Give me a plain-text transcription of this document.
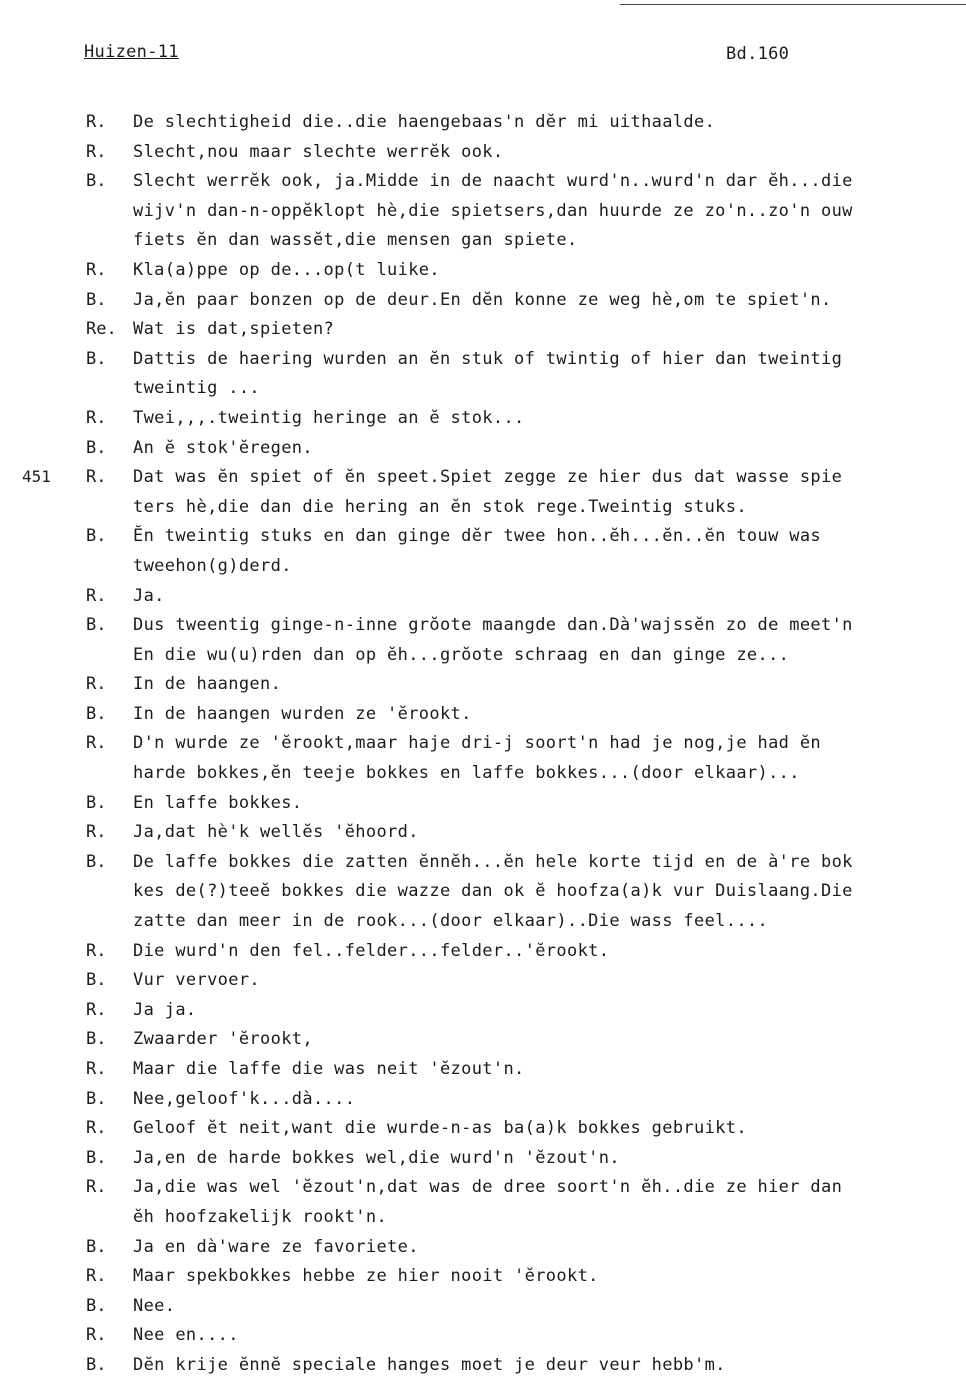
Huizen-11	Bd.160
451
R. De slechtigheid die..die haengebaas'n dĕr mi uithaalde.
R. Slecht,nou maar slechte werrĕk ook.
B. Slecht werrĕk ook, ja.Midde in de naacht wurd'n..wurd'n dar ĕh...die
wijv'n dan-n-oppĕklopt hè,die spietsers,dan huurde ze zo'n..zo'n ouw
fiets ĕn dan wassĕt,die mensen gan spiete.
R. Kla(a)ppe op de...op(t luike.
B. Ja,ĕn paar bonzen op de deur.En dĕn konne ze weg hè,om te spiet'n.
Re. Wat is dat,spieten?
B. Dattis de haering wurden an ĕn stuk of twintig of hier dan tweintig
tweintig ...
R. Twei,,,.tweintig heringe an ĕ stok...
B. An ĕ stok'ĕregen.
R. Dat was ĕn spiet of ĕn speet.Spiet zegge ze hier dus dat wasse spie
ters hè,die dan die hering an ĕn stok rege.Tweintig stuks.
B. Ĕn tweintig stuks en dan ginge dĕr twee hon..ĕh...ĕn..ĕn touw was
tweehon(g)derd.
R. Ja.
B. Dus tweentig ginge-n-inne grŏote maangde dan.Dà'wajssĕn zo de meet'n
En die wu(u)rden dan op ĕh...grŏote schraag en dan ginge ze...
R. In de haangen.
B. In de haangen wurden ze 'ĕrookt.
R. D'n wurde ze 'ĕrookt,maar haje dri-j soort'n had je nog,je had ĕn
harde bokkes,ĕn teeje bokkes en laffe bokkes...(door elkaar)...
B. En laffe bokkes.
R. Ja,dat hè'k wellĕs 'ĕhoord.
B. De laffe bokkes die zatten ĕnnĕh...ĕn hele korte tijd en de à're bok
kes de(?)teeĕ bokkes die wazze dan ok ĕ hoofza(a)k vur Duislaang.Die
zatte dan meer in de rook...(door elkaar)..Die wass feel....
R. Die wurd'n den fel..felder...felder..'ĕrookt.
B. Vur vervoer.
R. Ja ja.
B. Zwaarder 'ĕrookt,
R. Maar die laffe die was neit 'ĕzout'n.
B. Nee,geloof'k...dà....
R. Geloof ĕt neit,want die wurde-n-as ba(a)k bokkes gebruikt.
B. Ja,en de harde bokkes wel,die wurd'n 'ĕzout'n.
R. Ja,die was wel 'ĕzout'n,dat was de dree soort'n ĕh..die ze hier dan
ĕh hoofzakelijk rookt'n.
B. Ja en dà'ware ze favoriete.
R. Maar spekbokkes hebbe ze hier nooit 'ĕrookt.
B. Nee.
R. Nee en....
B. Dĕn krije ĕnnĕ speciale hanges moet je deur veur hebb'm.
